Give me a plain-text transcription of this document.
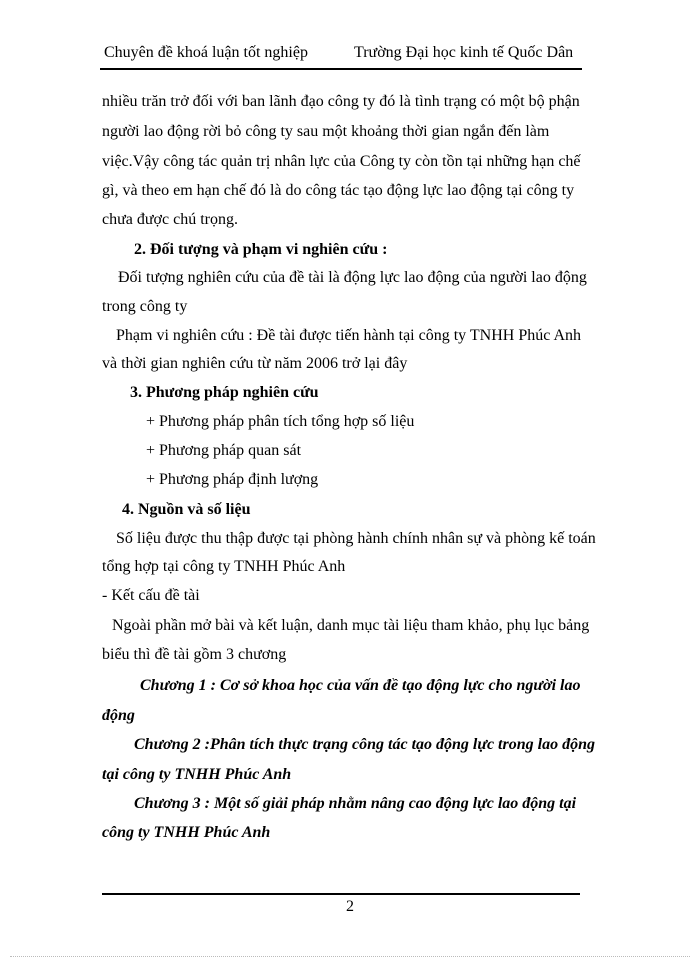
Chuyên đề khoá luận tốt nghiệp	Trường Đại học kinh tế Quốc Dân
nhiều trăn trở đối với ban lãnh đạo công ty đó là tình trạng có một bộ phận
người lao động rời bỏ công ty sau một khoảng thời gian ngắn đến làm
việc.Vậy công tác quản trị nhân lực của Công ty còn tồn tại những hạn chế
gì, và theo em hạn chế đó là do công tác tạo động lực lao động tại công ty
chưa được chú trọng.
2. Đối tượng và phạm vi nghiên cứu :
Đối tượng nghiên cứu của đề tài là động lực lao động của người lao động
trong công ty
Phạm vi nghiên cứu : Đề tài được tiến hành tại công ty TNHH Phúc Anh
và thời gian nghiên cứu từ năm 2006 trở lại đây
3. Phương pháp nghiên cứu
+ Phương pháp phân tích tổng hợp số liệu
+ Phương pháp quan sát
+ Phương pháp định lượng
4. Nguồn và số liệu
Số liệu được thu thập được tại phòng hành chính nhân sự và phòng kế toán
tổng hợp tại công ty TNHH Phúc Anh
- Kết cấu đề tài
Ngoài phần mở bài và kết luận, danh mục tài liệu tham khảo, phụ lục bảng
biểu thì đề tài gồm 3 chương
Chương 1 : Cơ sở khoa học của vấn đề tạo động lực cho người lao
động
Chương 2 :Phân tích thực trạng công tác tạo động lực trong lao động
tại công ty TNHH Phúc Anh
Chương 3 : Một số giải pháp nhằm nâng cao động lực lao động tại
công ty TNHH Phúc Anh
2
